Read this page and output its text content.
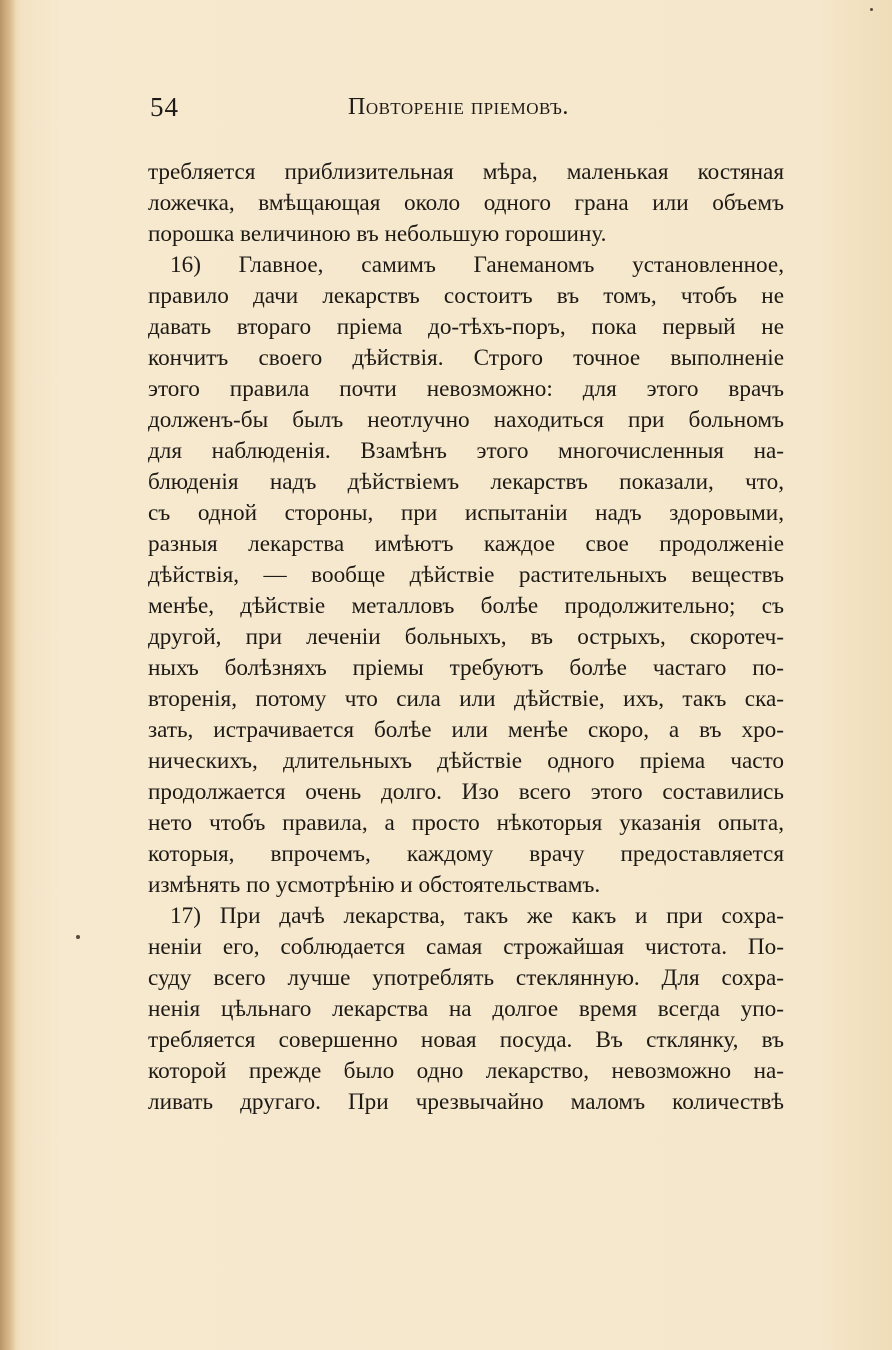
54	Повторенiе прiемовъ.
требляется приблизительная мѣра, маленькая костяная
ложечка, вмѣщающая около одного грана или объемъ
порошка величиною въ небольшую горошину.
16) Главное, самимъ Ганеманомъ установленное,
правило дачи лекарствъ состоитъ въ томъ, чтобъ не
давать втораго прiема до-тѣхъ-поръ, пока первый не
кончитъ своего дѣйствiя. Строго точное выполненiе
этого правила почти невозможно: для этого врачъ
долженъ-бы былъ неотлучно находиться при больномъ
для наблюденiя. Взамѣнъ этого многочисленныя на-
блюденiя надъ дѣйствiемъ лекарствъ показали, что,
съ одной стороны, при испытанiи надъ здоровыми,
разныя лекарства имѣютъ каждое свое продолженiе
дѣйствiя, — вообще дѣйствiе растительныхъ веществъ
менѣе, дѣйствiе металловъ болѣе продолжительно; съ
другой, при леченiи больныхъ, въ острыхъ, скоротеч-
ныхъ болѣзняхъ прiемы требуютъ болѣе частаго по-
вторенiя, потому что сила или дѣйствiе, ихъ, такъ ска-
зать, истрачивается болѣе или менѣе скоро, а въ хро-
ническихъ, длительныхъ дѣйствiе одного прiема часто
продолжается очень долго. Изо всего этого составились
нето чтобъ правила, а просто нѣкоторыя указанiя опыта,
которыя, впрочемъ, каждому врачу предоставляется
измѣнять по усмотрѣнiю и обстоятельствамъ.
17) При дачѣ лекарства, такъ же какъ и при сохра-
ненiи его, соблюдается самая строжайшая чистота. По-
суду всего лучше употреблять стеклянную. Для сохра-
ненiя цѣльнаго лекарства на долгое время всегда упо-
требляется совершенно новая посуда. Въ стклянку, въ
которой прежде было одно лекарство, невозможно на-
ливать другаго. При чрезвычайно маломъ количествѣ
